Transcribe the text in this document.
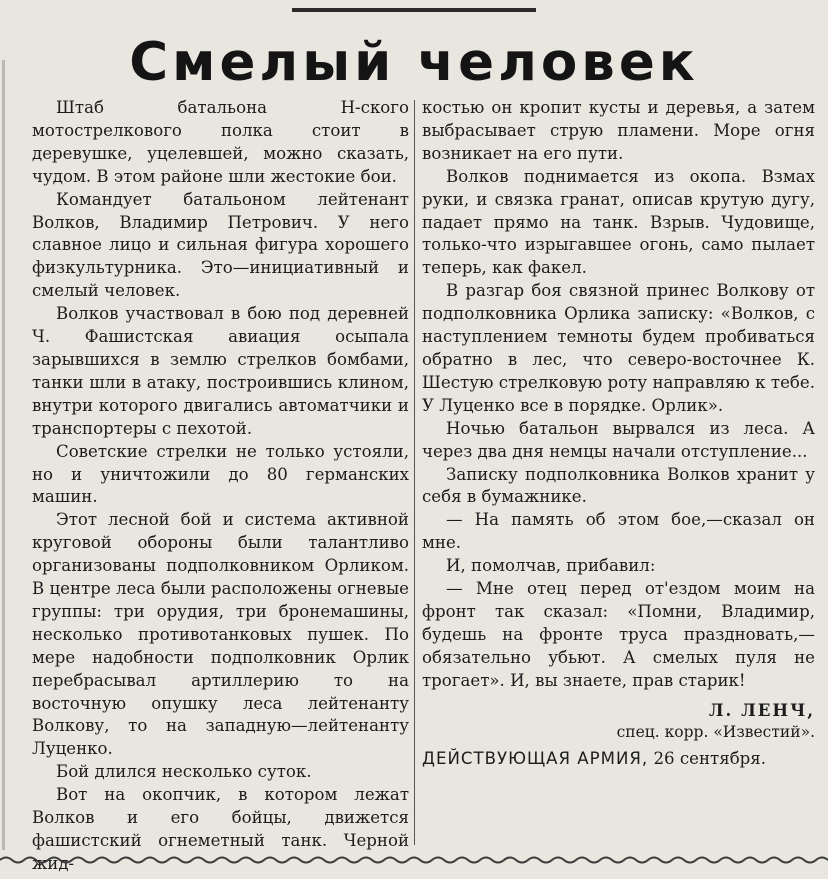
Смелый человек

Штаб батальона Н-ского мотострелкового полка стоит в деревушке, уцелевшей, можно сказать, чудом. В этом районе шли жестокие бои.

Командует батальоном лейтенант Волков, Владимир Петрович. У него славное лицо и сильная фигура хорошего физкультурника. Это—инициативный и смелый человек.

Волков участвовал в бою под деревней Ч. Фашистская авиация осыпала зарывшихся в землю стрелков бомбами, танки шли в атаку, построившись клином, внутри которого двигались автоматчики и транспортеры с пехотой.

Советские стрелки не только устояли, но и уничтожили до 80 германских машин.

Этот лесной бой и система активной круговой обороны были талантливо организованы подполковником Орликом. В центре леса были расположены огневые группы: три орудия, три бронемашины, несколько противотанковых пушек. По мере надобности подполковник Орлик перебрасывал артиллерию то на восточную опушку леса лейтенанту Волкову, то на западную—лейтенанту Луценко.

Бой длился несколько суток.

Вот на окопчик, в котором лежат Волков и его бойцы, движется фашистский огнеметный танк. Черной жид-

костью он кропит кусты и деревья, а затем выбрасывает струю пламени. Море огня возникает на его пути.

Волков поднимается из окопа. Взмах руки, и связка гранат, описав крутую дугу, падает прямо на танк. Взрыв. Чудовище, только-что изрыгавшее огонь, само пылает теперь, как факел.

В разгар боя связной принес Волкову от подполковника Орлика записку: «Волков, с наступлением темноты будем пробиваться обратно в лес, что северо-восточнее К. Шестую стрелковую роту направляю к тебе. У Луценко все в порядке. Орлик».

Ночью батальон вырвался из леса. А через два дня немцы начали отступление...

Записку подполковника Волков хранит у себя в бумажнике.

— На память об этом бое,—сказал он мне.

И, помолчав, прибавил:

— Мне отец перед от'ездом моим на фронт так сказал: «Помни, Владимир, будешь на фронте труса праздновать,—обязательно убьют. А смелых пуля не трогает». И, вы знаете, прав старик!

Л. ЛЕНЧ,

спец. корр. «Известий».

ДЕЙСТВУЮЩАЯ АРМИЯ, 26 сентября.
